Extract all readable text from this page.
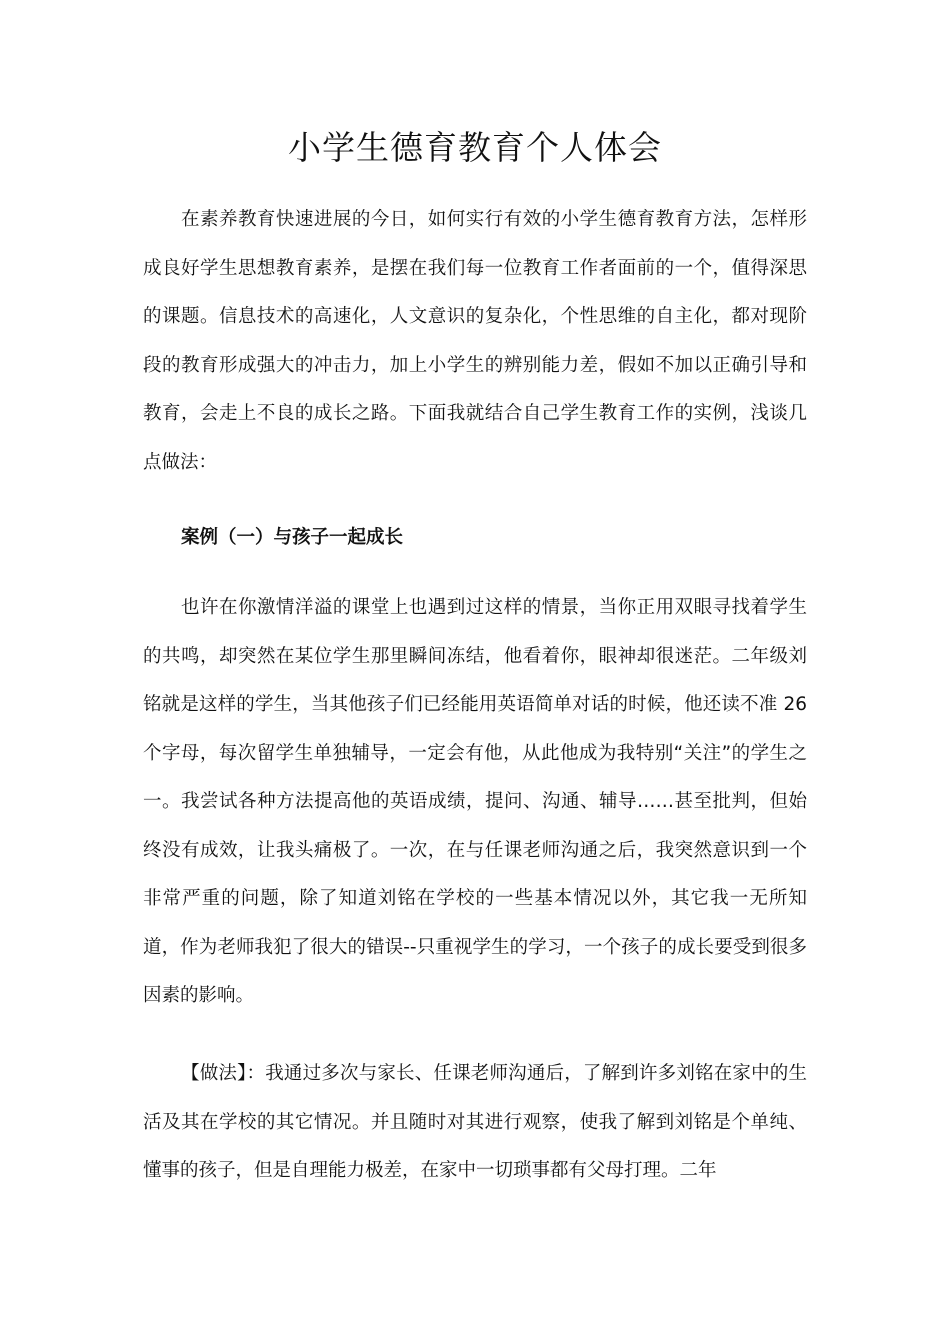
小学生德育教育个人体会

在素养教育快速进展的今日，如何实行有效的小学生德育教育方法，怎样形成良好学生思想教育素养，是摆在我们每一位教育工作者面前的一个，值得深思的课题。信息技术的高速化，人文意识的复杂化，个性思维的自主化，都对现阶段的教育形成强大的冲击力，加上小学生的辨别能力差，假如不加以正确引导和教育，会走上不良的成长之路。下面我就结合自己学生教育工作的实例，浅谈几点做法：

案例（一）与孩子一起成长

也许在你激情洋溢的课堂上也遇到过这样的情景，当你正用双眼寻找着学生的共鸣，却突然在某位学生那里瞬间冻结，他看着你，眼神却很迷茫。二年级刘铭就是这样的学生，当其他孩子们已经能用英语简单对话的时候，他还读不准 26 个字母，每次留学生单独辅导，一定会有他，从此他成为我特别“关注”的学生之一。我尝试各种方法提高他的英语成绩，提问、沟通、辅导……甚至批判，但始终没有成效，让我头痛极了。一次，在与任课老师沟通之后，我突然意识到一个非常严重的问题，除了知道刘铭在学校的一些基本情况以外，其它我一无所知道，作为老师我犯了很大的错误--只重视学生的学习，一个孩子的成长要受到很多因素的影响。

【做法】：我通过多次与家长、任课老师沟通后，了解到许多刘铭在家中的生活及其在学校的其它情况。并且随时对其进行观察，使我了解到刘铭是个单纯、懂事的孩子，但是自理能力极差，在家中一切琐事都有父母打理。二年
